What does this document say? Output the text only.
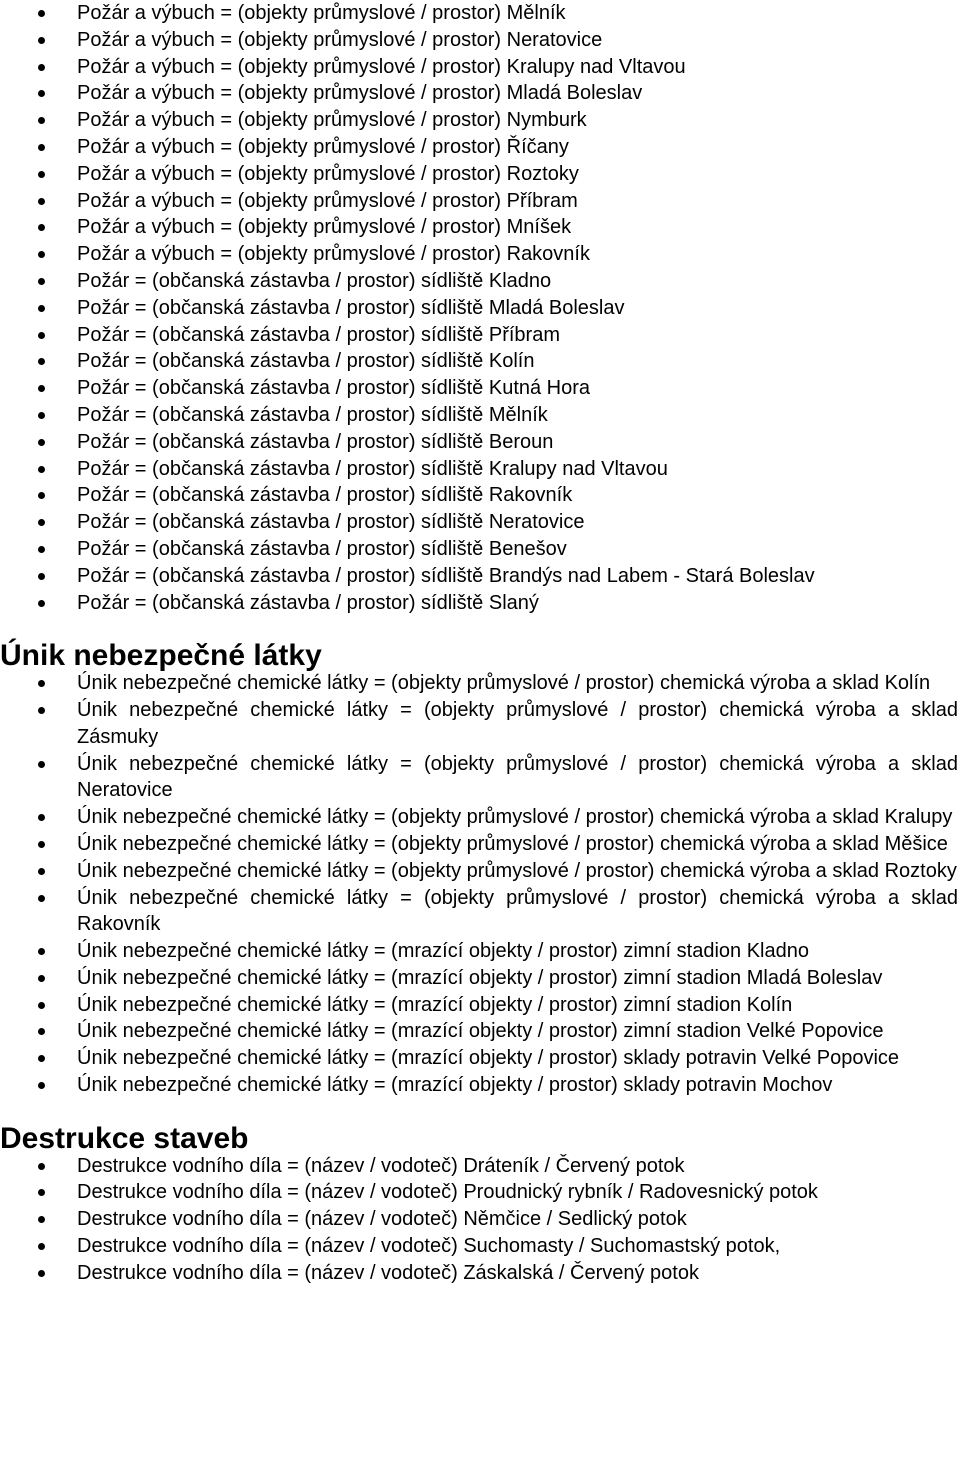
Požár a výbuch = (objekty průmyslové / prostor) Mělník
Požár a výbuch = (objekty průmyslové / prostor) Neratovice
Požár a výbuch = (objekty průmyslové / prostor) Kralupy nad Vltavou
Požár a výbuch = (objekty průmyslové / prostor) Mladá Boleslav
Požár a výbuch = (objekty průmyslové / prostor) Nymburk
Požár a výbuch = (objekty průmyslové / prostor) Říčany
Požár a výbuch = (objekty průmyslové / prostor) Roztoky
Požár a výbuch = (objekty průmyslové / prostor) Příbram
Požár a výbuch = (objekty průmyslové / prostor) Mníšek
Požár a výbuch = (objekty průmyslové / prostor) Rakovník
Požár = (občanská zástavba / prostor) sídliště Kladno
Požár = (občanská zástavba / prostor) sídliště Mladá Boleslav
Požár = (občanská zástavba / prostor) sídliště Příbram
Požár = (občanská zástavba / prostor) sídliště Kolín
Požár = (občanská zástavba / prostor) sídliště Kutná Hora
Požár = (občanská zástavba / prostor) sídliště Mělník
Požár = (občanská zástavba / prostor) sídliště Beroun
Požár = (občanská zástavba / prostor) sídliště Kralupy nad Vltavou
Požár = (občanská zástavba / prostor) sídliště Rakovník
Požár = (občanská zástavba / prostor) sídliště Neratovice
Požár = (občanská zástavba / prostor) sídliště Benešov
Požár = (občanská zástavba / prostor) sídliště Brandýs nad Labem - Stará Boleslav
Požár = (občanská zástavba / prostor) sídliště Slaný
Únik nebezpečné látky
Únik nebezpečné chemické látky = (objekty průmyslové / prostor) chemická výroba a sklad Kolín
Únik nebezpečné chemické látky = (objekty průmyslové / prostor) chemická výroba a sklad Zásmuky
Únik nebezpečné chemické látky = (objekty průmyslové / prostor) chemická výroba a sklad Neratovice
Únik nebezpečné chemické látky = (objekty průmyslové / prostor) chemická výroba a sklad Kralupy
Únik nebezpečné chemické látky = (objekty průmyslové / prostor) chemická výroba a sklad Měšice
Únik nebezpečné chemické látky = (objekty průmyslové / prostor) chemická výroba a sklad Roztoky
Únik nebezpečné chemické látky = (objekty průmyslové / prostor) chemická výroba a sklad Rakovník
Únik nebezpečné chemické látky = (mrazící objekty / prostor) zimní stadion Kladno
Únik nebezpečné chemické látky = (mrazící objekty / prostor) zimní stadion Mladá Boleslav
Únik nebezpečné chemické látky = (mrazící objekty / prostor) zimní stadion Kolín
Únik nebezpečné chemické látky = (mrazící objekty / prostor) zimní stadion Velké Popovice
Únik nebezpečné chemické látky = (mrazící objekty / prostor) sklady potravin Velké Popovice
Únik nebezpečné chemické látky = (mrazící objekty / prostor) sklady potravin Mochov
Destrukce staveb
Destrukce vodního díla = (název / vodoteč) Dráteník / Červený potok
Destrukce vodního díla = (název / vodoteč) Proudnický rybník / Radovesnický potok
Destrukce vodního díla = (název / vodoteč) Němčice / Sedlický potok
Destrukce vodního díla = (název / vodoteč) Suchomasty / Suchomastský potok,
Destrukce vodního díla = (název / vodoteč) Záskalská / Červený potok
